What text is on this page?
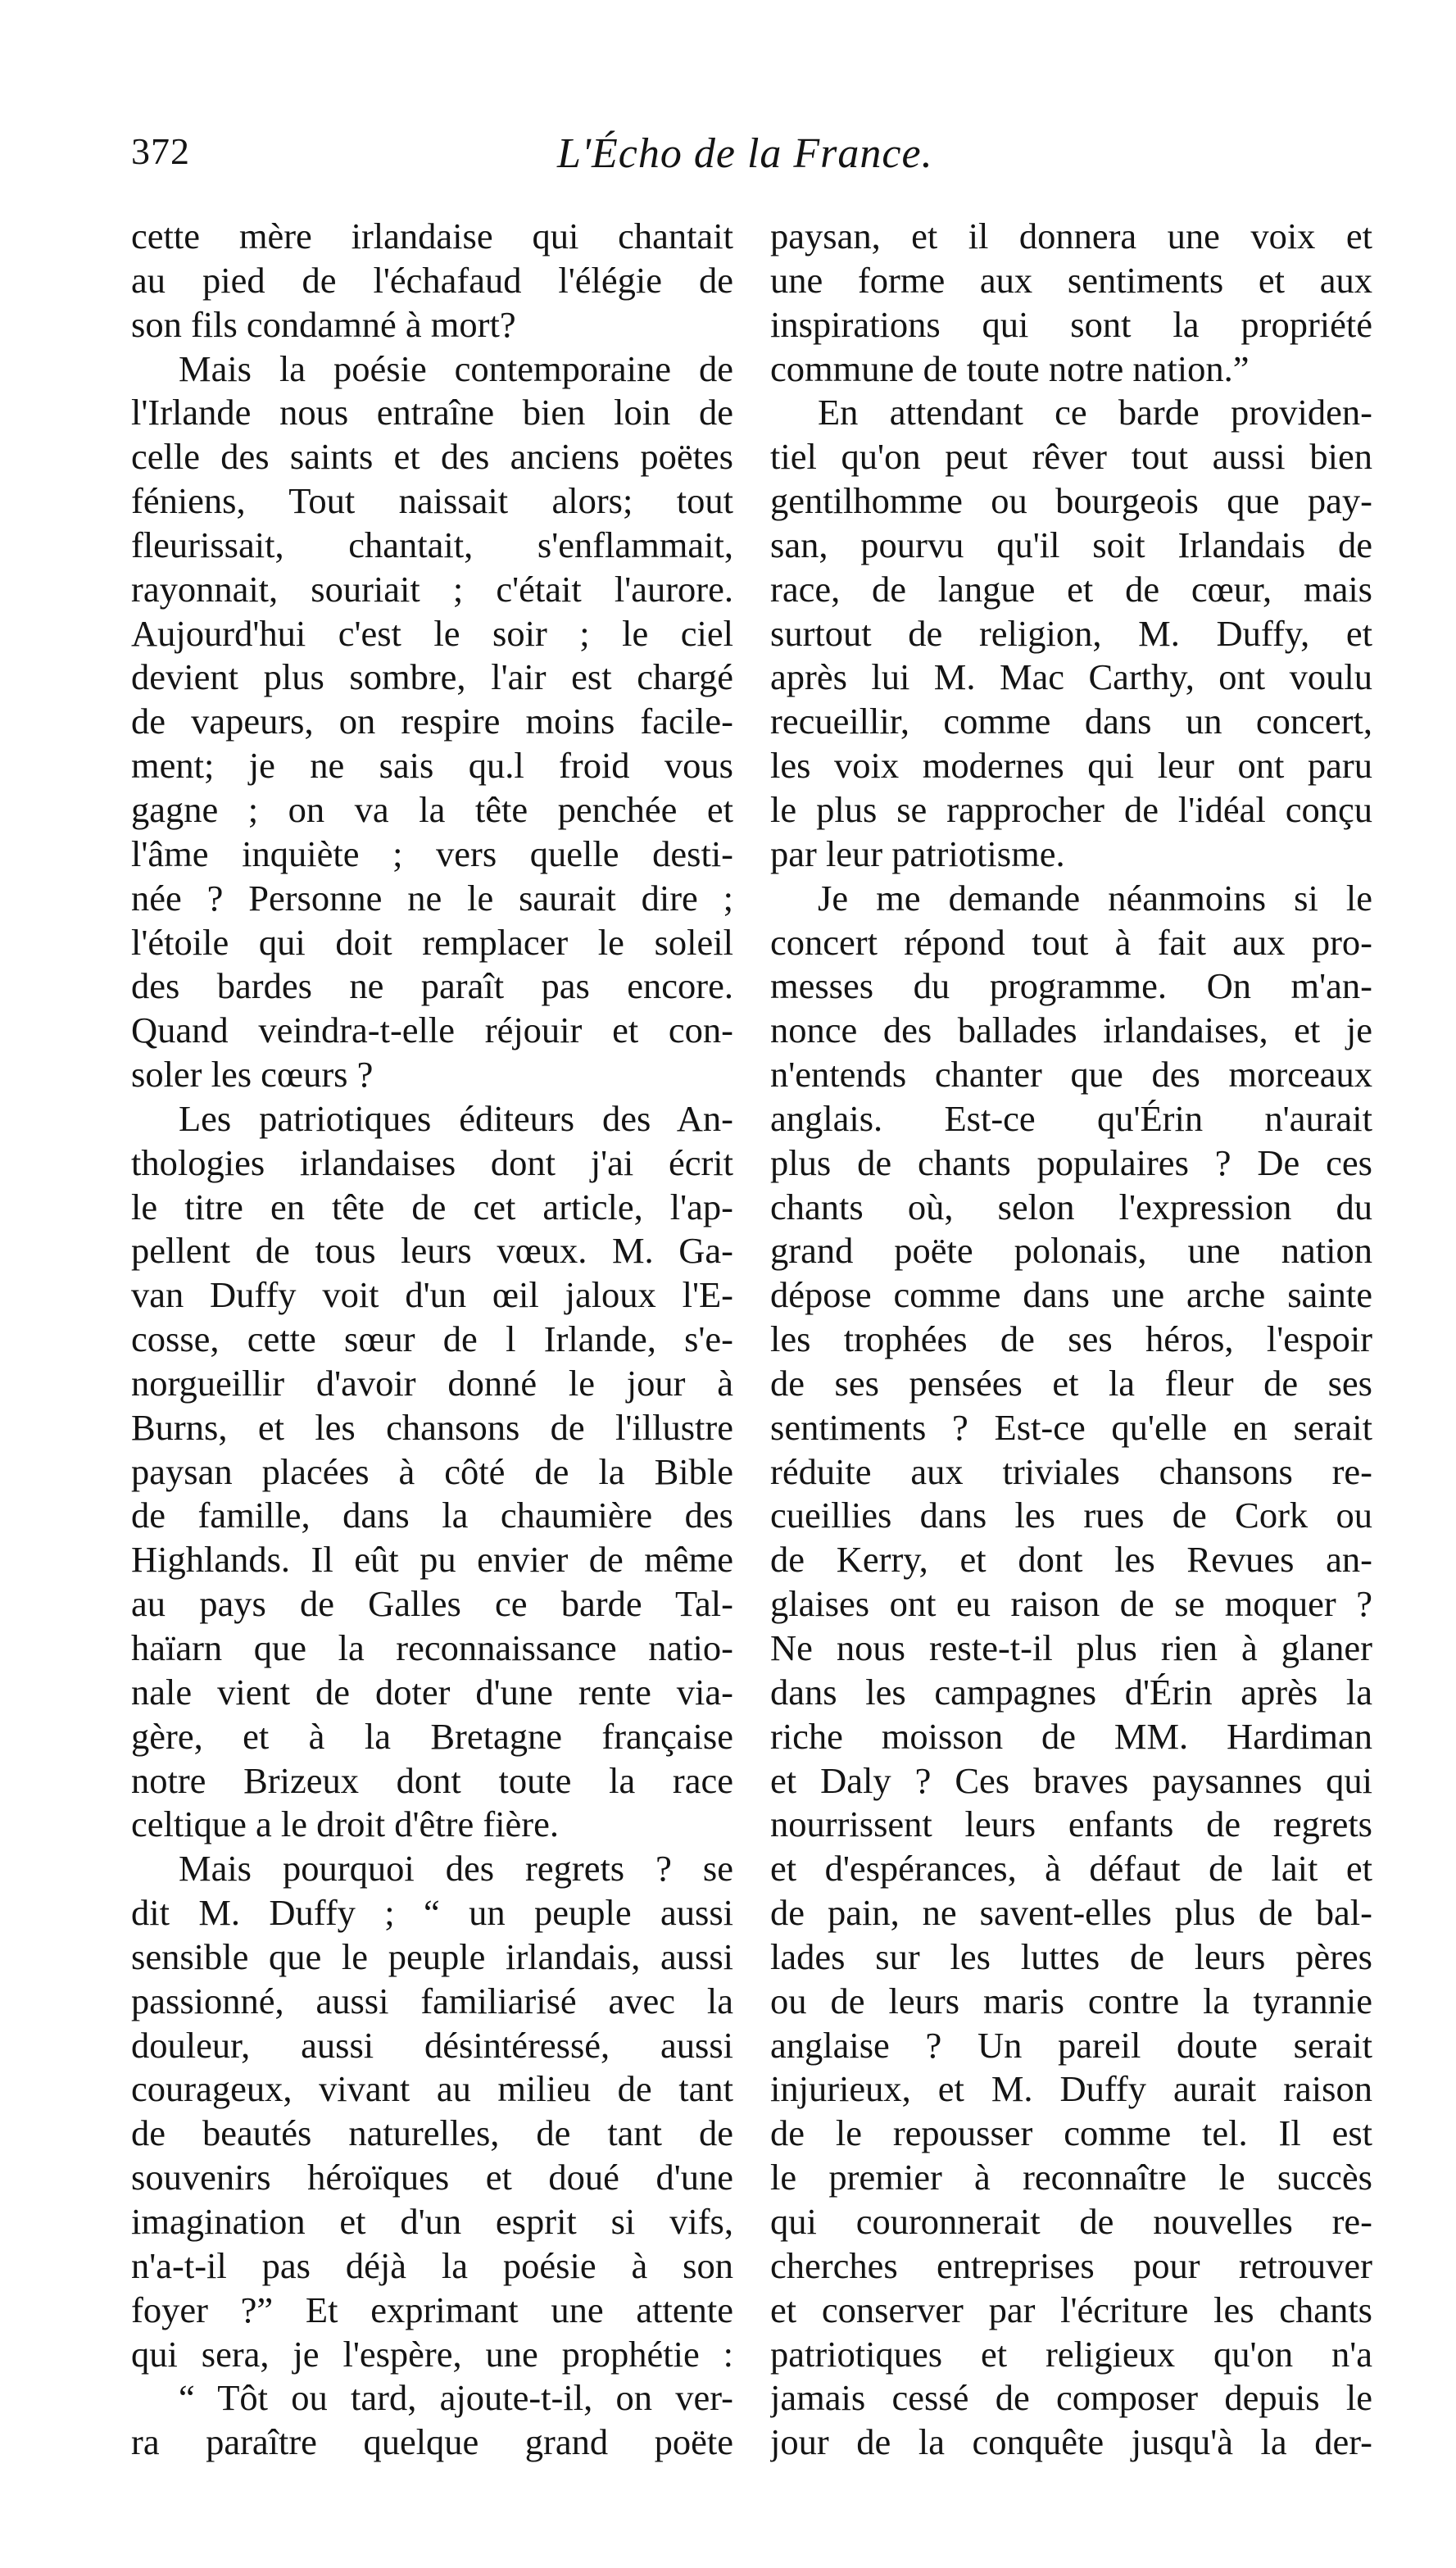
372	L'Écho de la France.
cette mère irlandaise qui chantait
au pied de l'échafaud l'élégie de
son fils condamné à mort?
Mais la poésie contemporaine de
l'Irlande nous entraîne bien loin de
celle des saints et des anciens poëtes
féniens, Tout naissait alors; tout
fleurissait, chantait, s'enflammait,
rayonnait, souriait ; c'était l'aurore.
Aujourd'hui c'est le soir ; le ciel
devient plus sombre, l'air est chargé
de vapeurs, on respire moins facile-
ment; je ne sais qu.l froid vous
gagne ; on va la tête penchée et
l'âme inquiète ; vers quelle desti-
née ? Personne ne le saurait dire ;
l'étoile qui doit remplacer le soleil
des bardes ne paraît pas encore.
Quand veindra-t-elle réjouir et con-
soler les cœurs ?
Les patriotiques éditeurs des An-
thologies irlandaises dont j'ai écrit
le titre en tête de cet article, l'ap-
pellent de tous leurs vœux. M. Ga-
van Duffy voit d'un œil jaloux l'E-
cosse, cette sœur de l Irlande, s'e-
norgueillir d'avoir donné le jour à
Burns, et les chansons de l'illustre
paysan placées à côté de la Bible
de famille, dans la chaumière des
Highlands. Il eût pu envier de même
au pays de Galles ce barde Tal-
haïarn que la reconnaissance natio-
nale vient de doter d'une rente via-
gère, et à la Bretagne française
notre Brizeux dont toute la race
celtique a le droit d'être fière.
Mais pourquoi des regrets ? se
dit M. Duffy ; “ un peuple aussi
sensible que le peuple irlandais, aussi
passionné, aussi familiarisé avec la
douleur, aussi désintéressé, aussi
courageux, vivant au milieu de tant
de beautés naturelles, de tant de
souvenirs héroïques et doué d'une
imagination et d'un esprit si vifs,
n'a-t-il pas déjà la poésie à son
foyer ?” Et exprimant une attente
qui sera, je l'espère, une prophétie :
“ Tôt ou tard, ajoute-t-il, on ver-
ra paraître quelque grand poëte
paysan, et il donnera une voix et
une forme aux sentiments et aux
inspirations qui sont la propriété
commune de toute notre nation.”
En attendant ce barde providen-
tiel qu'on peut rêver tout aussi bien
gentilhomme ou bourgeois que pay-
san, pourvu qu'il soit Irlandais de
race, de langue et de cœur, mais
surtout de religion, M. Duffy, et
après lui M. Mac Carthy, ont voulu
recueillir, comme dans un concert,
les voix modernes qui leur ont paru
le plus se rapprocher de l'idéal conçu
par leur patriotisme.
Je me demande néanmoins si le
concert répond tout à fait aux pro-
messes du programme. On m'an-
nonce des ballades irlandaises, et je
n'entends chanter que des morceaux
anglais. Est-ce qu'Érin n'aurait
plus de chants populaires ? De ces
chants où, selon l'expression du
grand poëte polonais, une nation
dépose comme dans une arche sainte
les trophées de ses héros, l'espoir
de ses pensées et la fleur de ses
sentiments ? Est-ce qu'elle en serait
réduite aux triviales chansons re-
cueillies dans les rues de Cork ou
de Kerry, et dont les Revues an-
glaises ont eu raison de se moquer ?
Ne nous reste-t-il plus rien à glaner
dans les campagnes d'Érin après la
riche moisson de MM. Hardiman
et Daly ? Ces braves paysannes qui
nourrissent leurs enfants de regrets
et d'espérances, à défaut de lait et
de pain, ne savent-elles plus de bal-
lades sur les luttes de leurs pères
ou de leurs maris contre la tyrannie
anglaise ? Un pareil doute serait
injurieux, et M. Duffy aurait raison
de le repousser comme tel. Il est
le premier à reconnaître le succès
qui couronnerait de nouvelles re-
cherches entreprises pour retrouver
et conserver par l'écriture les chants
patriotiques et religieux qu'on n'a
jamais cessé de composer depuis le
jour de la conquête jusqu'à la der-
